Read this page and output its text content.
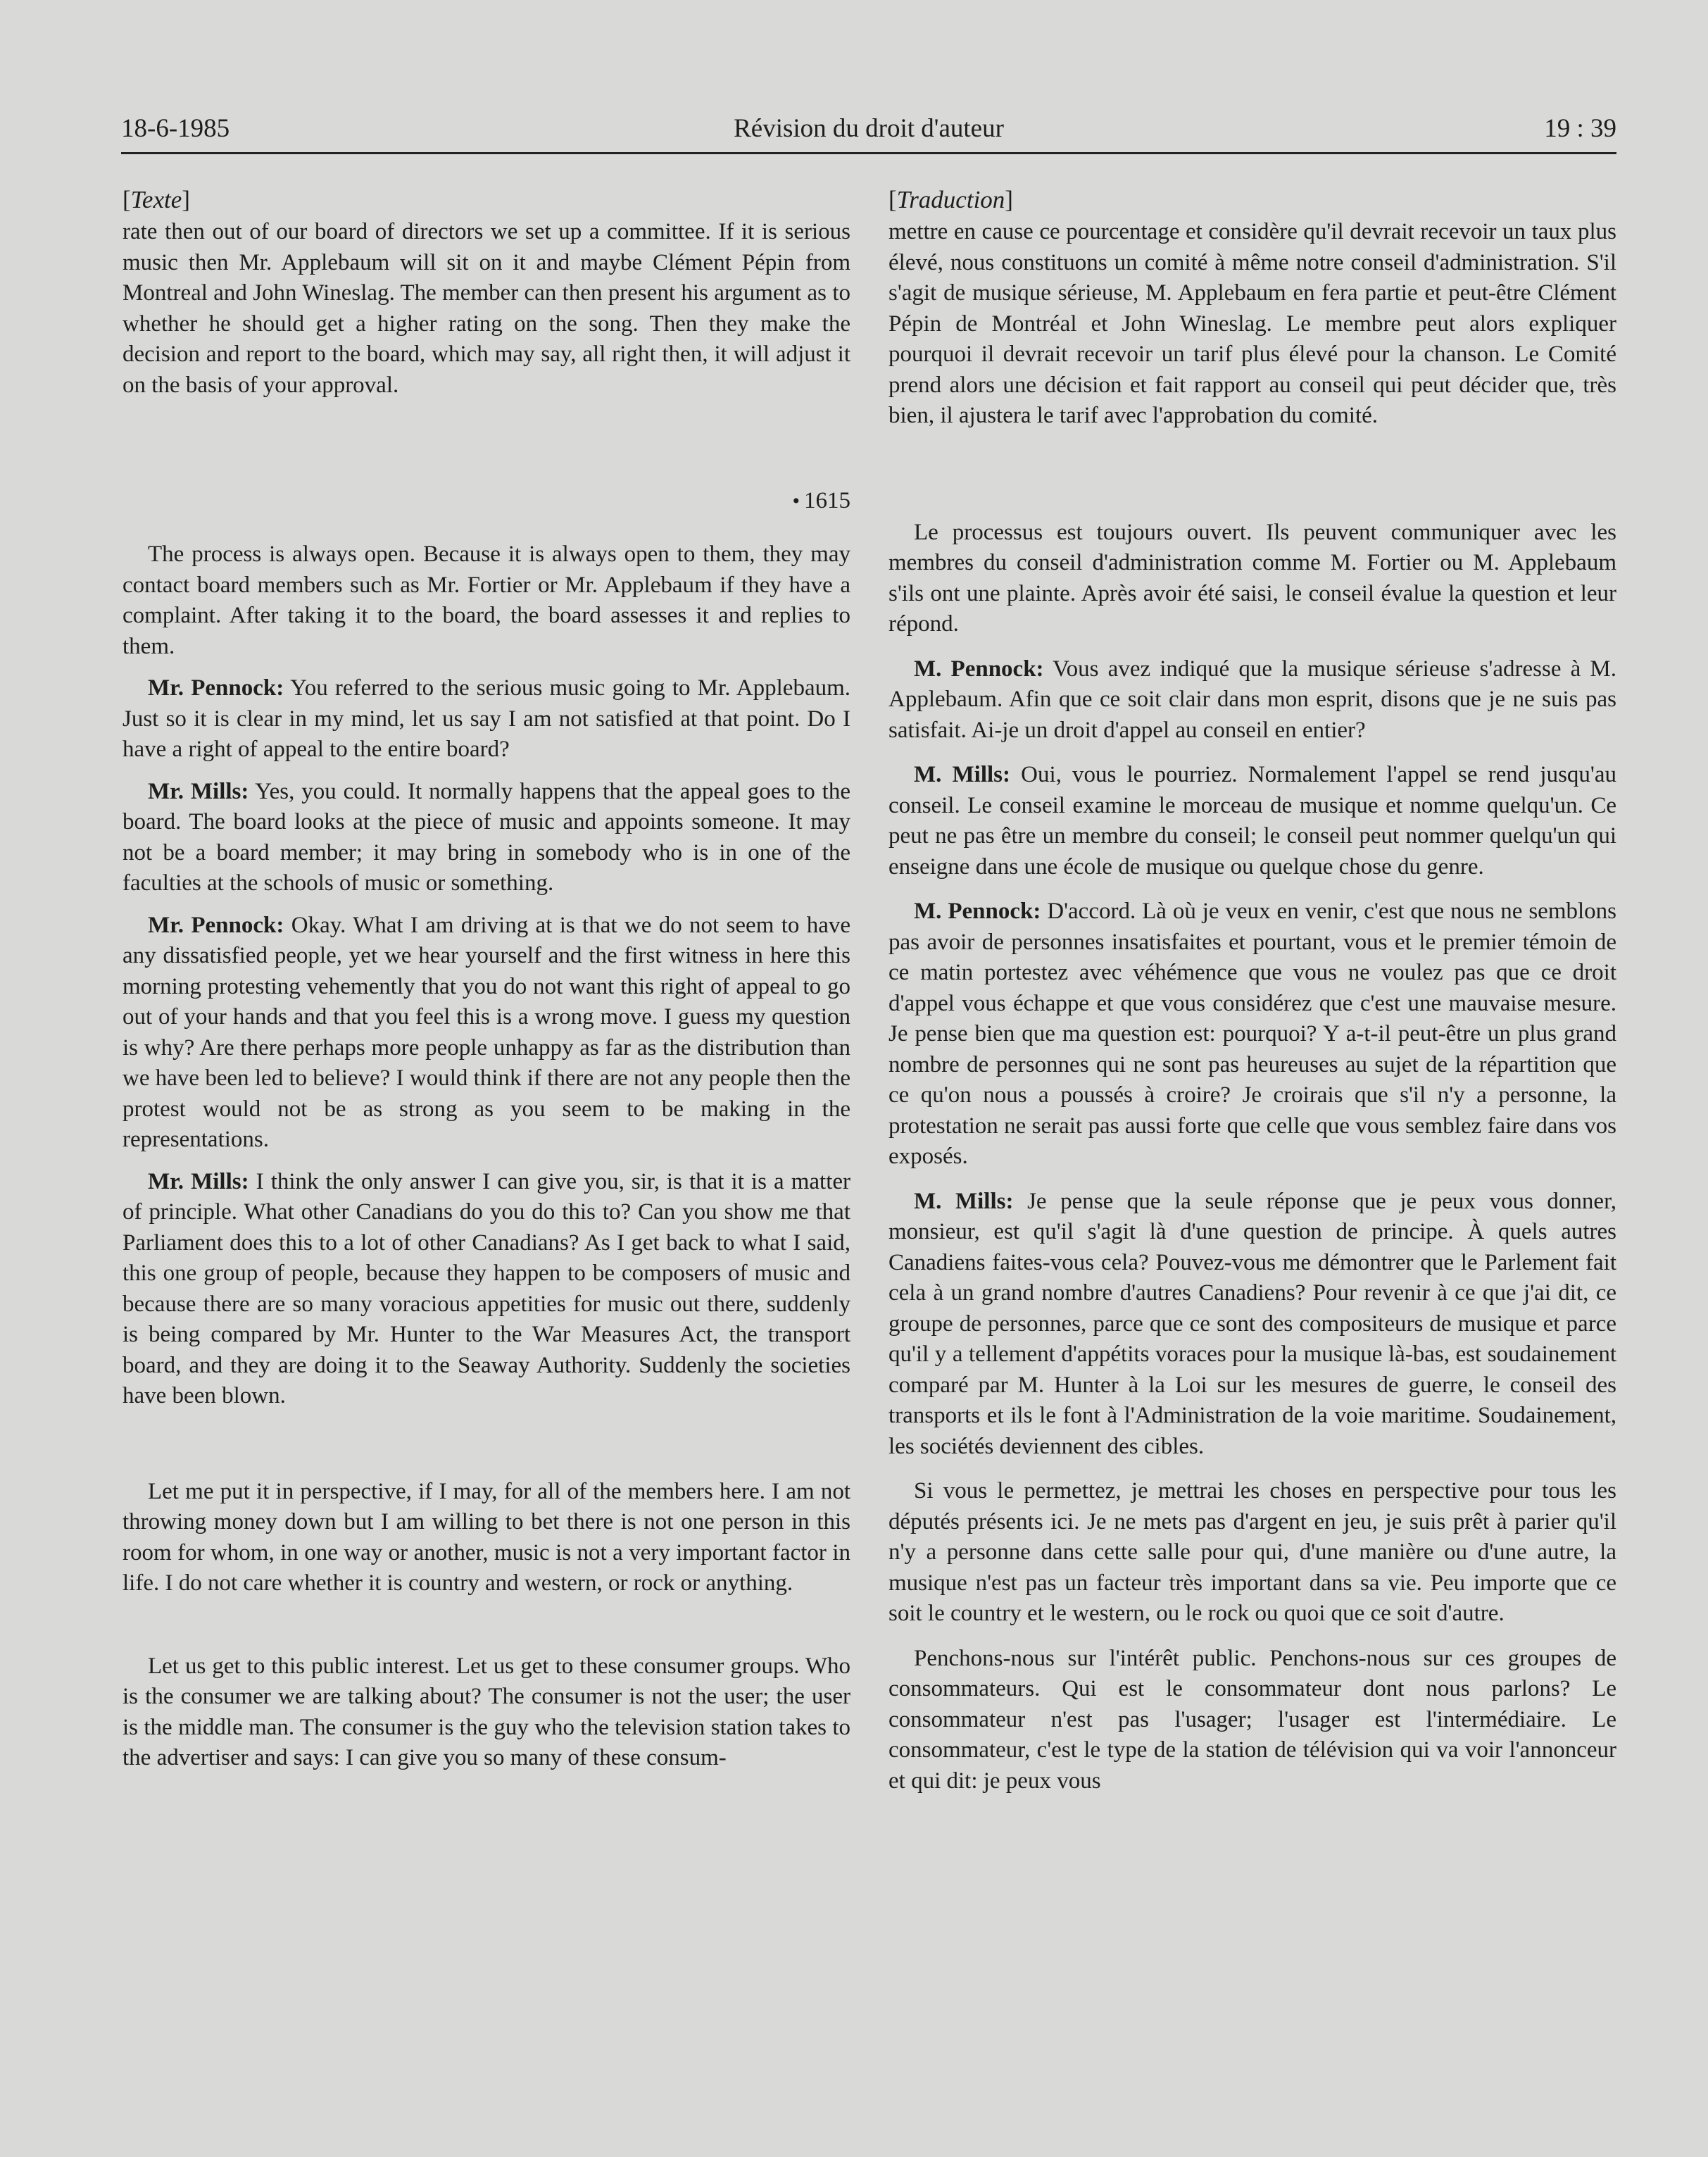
18-6-1985	Révision du droit d'auteur	19 : 39
[Texte]

rate then out of our board of directors we set up a committee. If it is serious music then Mr. Applebaum will sit on it and maybe Clément Pépin from Montreal and John Wineslag. The member can then present his argument as to whether he should get a higher rating on the song. Then they make the decision and report to the board, which may say, all right then, it will adjust it on the basis of your approval.

• 1615

The process is always open. Because it is always open to them, they may contact board members such as Mr. Fortier or Mr. Applebaum if they have a complaint. After taking it to the board, the board assesses it and replies to them.

Mr. Pennock: You referred to the serious music going to Mr. Applebaum. Just so it is clear in my mind, let us say I am not satisfied at that point. Do I have a right of appeal to the entire board?

Mr. Mills: Yes, you could. It normally happens that the appeal goes to the board. The board looks at the piece of music and appoints someone. It may not be a board member; it may bring in somebody who is in one of the faculties at the schools of music or something.

Mr. Pennock: Okay. What I am driving at is that we do not seem to have any dissatisfied people, yet we hear yourself and the first witness in here this morning protesting vehemently that you do not want this right of appeal to go out of your hands and that you feel this is a wrong move. I guess my question is why? Are there perhaps more people unhappy as far as the distribution than we have been led to believe? I would think if there are not any people then the protest would not be as strong as you seem to be making in the representations.

Mr. Mills: I think the only answer I can give you, sir, is that it is a matter of principle. What other Canadians do you do this to? Can you show me that Parliament does this to a lot of other Canadians? As I get back to what I said, this one group of people, because they happen to be composers of music and because there are so many voracious appetities for music out there, suddenly is being compared by Mr. Hunter to the War Measures Act, the transport board, and they are doing it to the Seaway Authority. Suddenly the societies have been blown.

Let me put it in perspective, if I may, for all of the members here. I am not throwing money down but I am willing to bet there is not one person in this room for whom, in one way or another, music is not a very important factor in life. I do not care whether it is country and western, or rock or anything.

Let us get to this public interest. Let us get to these consumer groups. Who is the consumer we are talking about? The consumer is not the user; the user is the middle man. The consumer is the guy who the television station takes to the advertiser and says: I can give you so many of these consum-

[Traduction]

mettre en cause ce pourcentage et considère qu'il devrait recevoir un taux plus élevé, nous constituons un comité à même notre conseil d'administration. S'il s'agit de musique sérieuse, M. Applebaum en fera partie et peut-être Clément Pépin de Montréal et John Wineslag. Le membre peut alors expliquer pourquoi il devrait recevoir un tarif plus élevé pour la chanson. Le Comité prend alors une décision et fait rapport au conseil qui peut décider que, très bien, il ajustera le tarif avec l'approbation du comité.

Le processus est toujours ouvert. Ils peuvent communiquer avec les membres du conseil d'administration comme M. Fortier ou M. Applebaum s'ils ont une plainte. Après avoir été saisi, le conseil évalue la question et leur répond.

M. Pennock: Vous avez indiqué que la musique sérieuse s'adresse à M. Applebaum. Afin que ce soit clair dans mon esprit, disons que je ne suis pas satisfait. Ai-je un droit d'appel au conseil en entier?

M. Mills: Oui, vous le pourriez. Normalement l'appel se rend jusqu'au conseil. Le conseil examine le morceau de musique et nomme quelqu'un. Ce peut ne pas être un membre du conseil; le conseil peut nommer quelqu'un qui enseigne dans une école de musique ou quelque chose du genre.

M. Pennock: D'accord. Là où je veux en venir, c'est que nous ne semblons pas avoir de personnes insatisfaites et pourtant, vous et le premier témoin de ce matin portestez avec véhémence que vous ne voulez pas que ce droit d'appel vous échappe et que vous considérez que c'est une mauvaise mesure. Je pense bien que ma question est: pourquoi? Y a-t-il peut-être un plus grand nombre de personnes qui ne sont pas heureuses au sujet de la répartition que ce qu'on nous a poussés à croire? Je croirais que s'il n'y a personne, la protestation ne serait pas aussi forte que celle que vous semblez faire dans vos exposés.

M. Mills: Je pense que la seule réponse que je peux vous donner, monsieur, est qu'il s'agit là d'une question de principe. À quels autres Canadiens faites-vous cela? Pouvez-vous me démontrer que le Parlement fait cela à un grand nombre d'autres Canadiens? Pour revenir à ce que j'ai dit, ce groupe de personnes, parce que ce sont des compositeurs de musique et parce qu'il y a tellement d'appétits voraces pour la musique là-bas, est soudainement comparé par M. Hunter à la Loi sur les mesures de guerre, le conseil des transports et ils le font à l'Administration de la voie maritime. Soudainement, les sociétés deviennent des cibles.

Si vous le permettez, je mettrai les choses en perspective pour tous les députés présents ici. Je ne mets pas d'argent en jeu, je suis prêt à parier qu'il n'y a personne dans cette salle pour qui, d'une manière ou d'une autre, la musique n'est pas un facteur très important dans sa vie. Peu importe que ce soit le country et le western, ou le rock ou quoi que ce soit d'autre.

Penchons-nous sur l'intérêt public. Penchons-nous sur ces groupes de consommateurs. Qui est le consommateur dont nous parlons? Le consommateur n'est pas l'usager; l'usager est l'intermédiaire. Le consommateur, c'est le type de la station de télévision qui va voir l'annonceur et qui dit: je peux vous
